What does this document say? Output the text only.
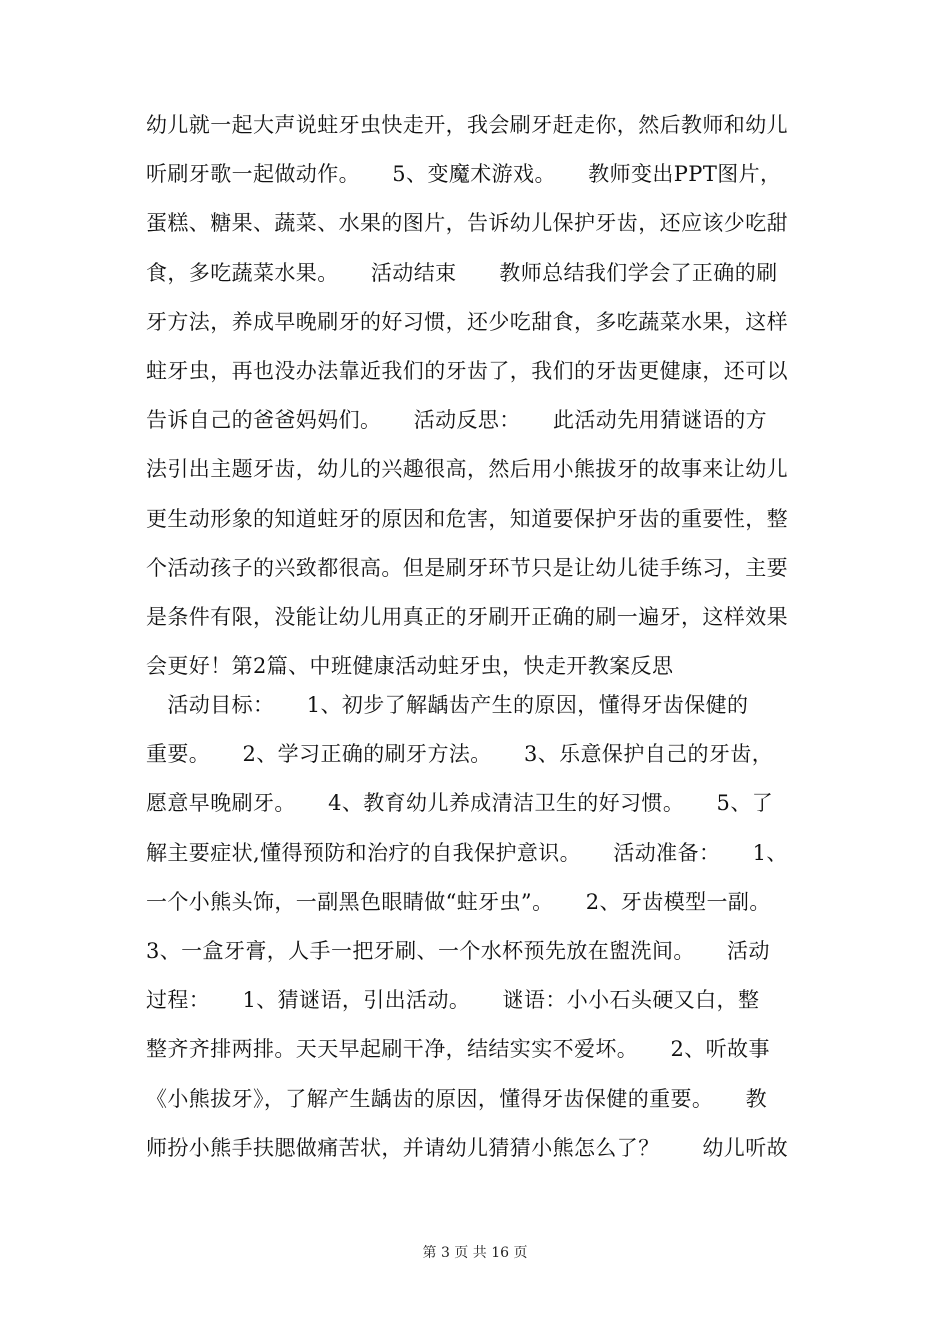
幼儿就一起大声说蛀牙虫快走开，我会刷牙赶走你，然后教师和幼儿
听刷牙歌一起做动作。　　5、变魔术游戏。　　教师变出PPT图片，
蛋糕、糖果、蔬菜、水果的图片，告诉幼儿保护牙齿，还应该少吃甜
食，多吃蔬菜水果。　　活动结束　　教师总结我们学会了正确的刷
牙方法，养成早晚刷牙的好习惯，还少吃甜食，多吃蔬菜水果，这样
蛀牙虫，再也没办法靠近我们的牙齿了，我们的牙齿更健康，还可以
告诉自己的爸爸妈妈们。　　活动反思：　　此活动先用猜谜语的方
法引出主题牙齿，幼儿的兴趣很高，然后用小熊拔牙的故事来让幼儿
更生动形象的知道蛀牙的原因和危害，知道要保护牙齿的重要性，整
个活动孩子的兴致都很高。但是刷牙环节只是让幼儿徒手练习，主要
是条件有限，没能让幼儿用真正的牙刷开正确的刷一遍牙，这样效果
会更好！第2篇、中班健康活动蛀牙虫，快走开教案反思
　活动目标：　　1、初步了解龋齿产生的原因，懂得牙齿保健的
重要。　　2、学习正确的刷牙方法。　　3、乐意保护自己的牙齿，
愿意早晚刷牙。　　4、教育幼儿养成清洁卫生的好习惯。　　5、了
解主要症状,懂得预防和治疗的自我保护意识。　　活动准备：　　1、
一个小熊头饰，一副黑色眼睛做“蛀牙虫”。　　2、牙齿模型一副。
3、一盒牙膏，人手一把牙刷、一个水杯预先放在盥洗间。　　活动
过程：　　1、猜谜语，引出活动。　　谜语：小小石头硬又白，整
整齐齐排两排。天天早起刷干净，结结实实不爱坏。　　2、听故事
《小熊拔牙》，了解产生龋齿的原因，懂得牙齿保健的重要。　　教
师扮小熊手扶腮做痛苦状，并请幼儿猜猜小熊怎么了？　　幼儿听故
第 3 页 共 16 页
